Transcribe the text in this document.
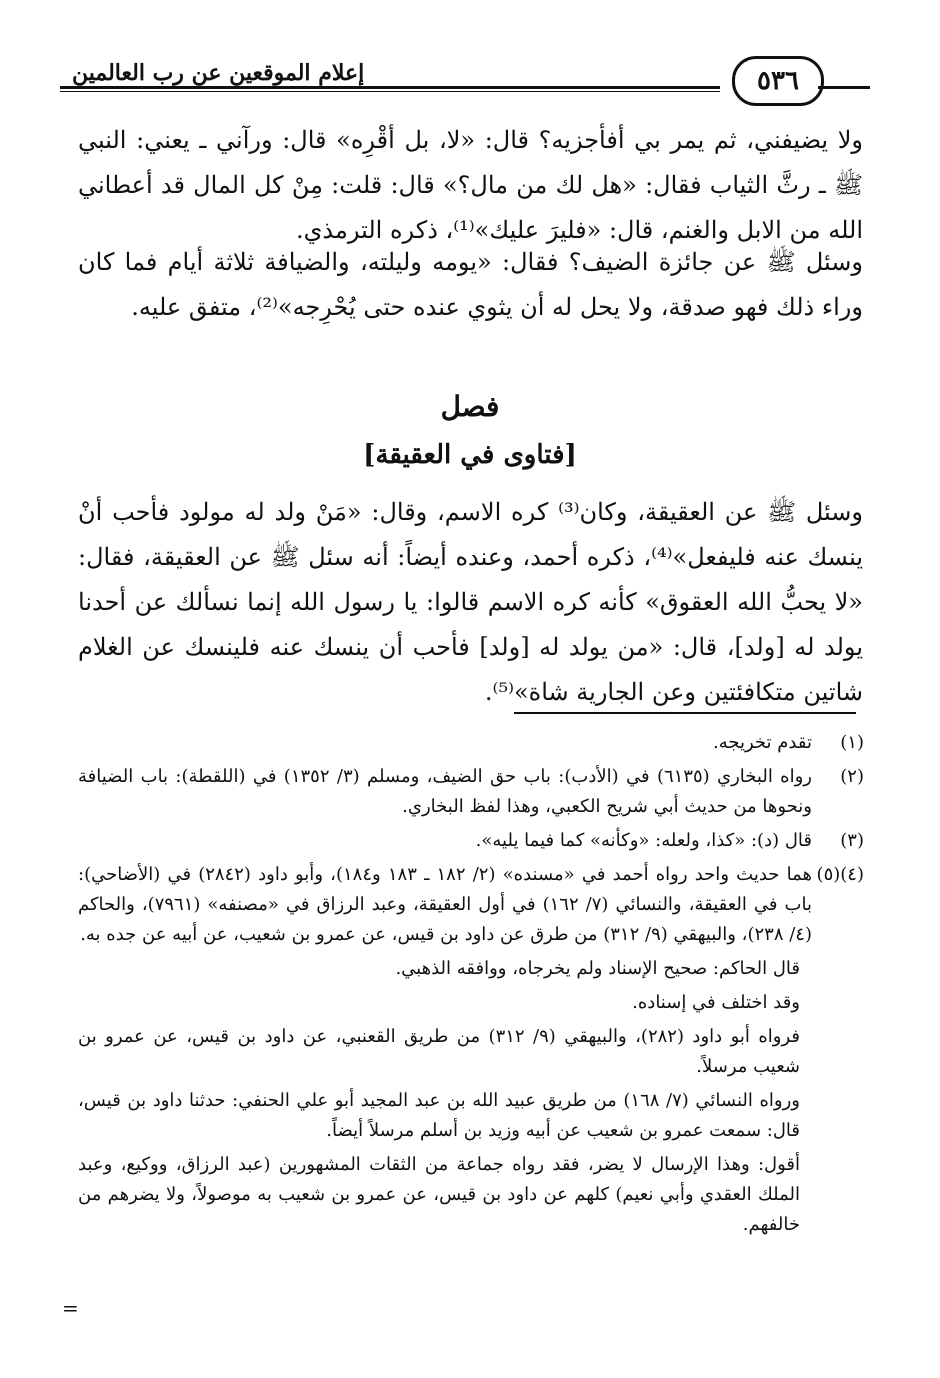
إعلام الموقعين عن رب العالمين	٥٣٦

ولا يضيفني، ثم يمر بي أفأجزيه؟ قال: «لا، بل أقْرِه» قال: ورآني ـ يعني: النبي ﷺ ـ رثَّ الثياب فقال: «هل لك من مال؟» قال: قلت: مِنْ كل المال قد أعطاني الله من الابل والغنم، قال: «فليرَ عليك»⁽¹⁾، ذكره الترمذي.

وسئل ﷺ عن جائزة الضيف؟ فقال: «يومه وليلته، والضيافة ثلاثة أيام فما كان وراء ذلك فهو صدقة، ولا يحل له أن يثوي عنده حتى يُحْرِجه»⁽²⁾، متفق عليه.

فصل
[فتاوى في العقيقة]

وسئل ﷺ عن العقيقة، وكان⁽³⁾ كره الاسم، وقال: «مَنْ ولد له مولود فأحب أنْ ينسك عنه فليفعل»⁽⁴⁾، ذكره أحمد، وعنده أيضاً: أنه سئل ﷺ عن العقيقة، فقال: «لا يحبُّ الله العقوق» كأنه كره الاسم قالوا: يا رسول الله إنما نسألك عن أحدنا يولد له [ولد]، قال: «من يولد له [ولد] فأحب أن ينسك عنه فلينسك عن الغلام شاتين متكافئتين وعن الجارية شاة»⁽⁵⁾.

(١)
تقدم تخريجه.
(٢)
رواه البخاري (٦١٣٥) في (الأدب): باب حق الضيف، ومسلم (٣/ ١٣٥٢) في (اللقطة): باب الضيافة ونحوها من حديث أبي شريح الكعبي، وهذا لفظ البخاري.
(٣)
قال (د): «كذا، ولعله: «وكأنه» كما فيما يليه».
(٤)(٥)
هما حديث واحد رواه أحمد في «مسنده» (٢/ ١٨٢ ـ ١٨٣ و١٨٤)، وأبو داود (٢٨٤٢) في (الأضاحي): باب في العقيقة، والنسائي (٧/ ١٦٢) في أول العقيقة، وعبد الرزاق في «مصنفه» (٧٩٦١)، والحاكم (٤/ ٢٣٨)، والبيهقي (٩/ ٣١٢) من طرق عن داود بن قيس، عن عمرو بن شعيب، عن أبيه عن جده به.

قال الحاكم: صحيح الإسناد ولم يخرجاه، ووافقه الذهبي.

وقد اختلف في إسناده.

فرواه أبو داود (٢٨٢)، والبيهقي (٩/ ٣١٢) من طريق القعنبي، عن داود بن قيس، عن عمرو بن شعيب مرسلاً.

ورواه النسائي (٧/ ١٦٨) من طريق عبيد الله بن عبد المجيد أبو علي الحنفي: حدثنا داود بن قيس، قال: سمعت عمرو بن شعيب عن أبيه وزيد بن أسلم مرسلاً أيضاً.

أقول: وهذا الإرسال لا يضر، فقد رواه جماعة من الثقات المشهورين (عبد الرزاق، ووكيع، وعبد الملك العقدي وأبي نعيم) كلهم عن داود بن قيس، عن عمرو بن شعيب به موصولاً، ولا يضرهم من خالفهم.

=
